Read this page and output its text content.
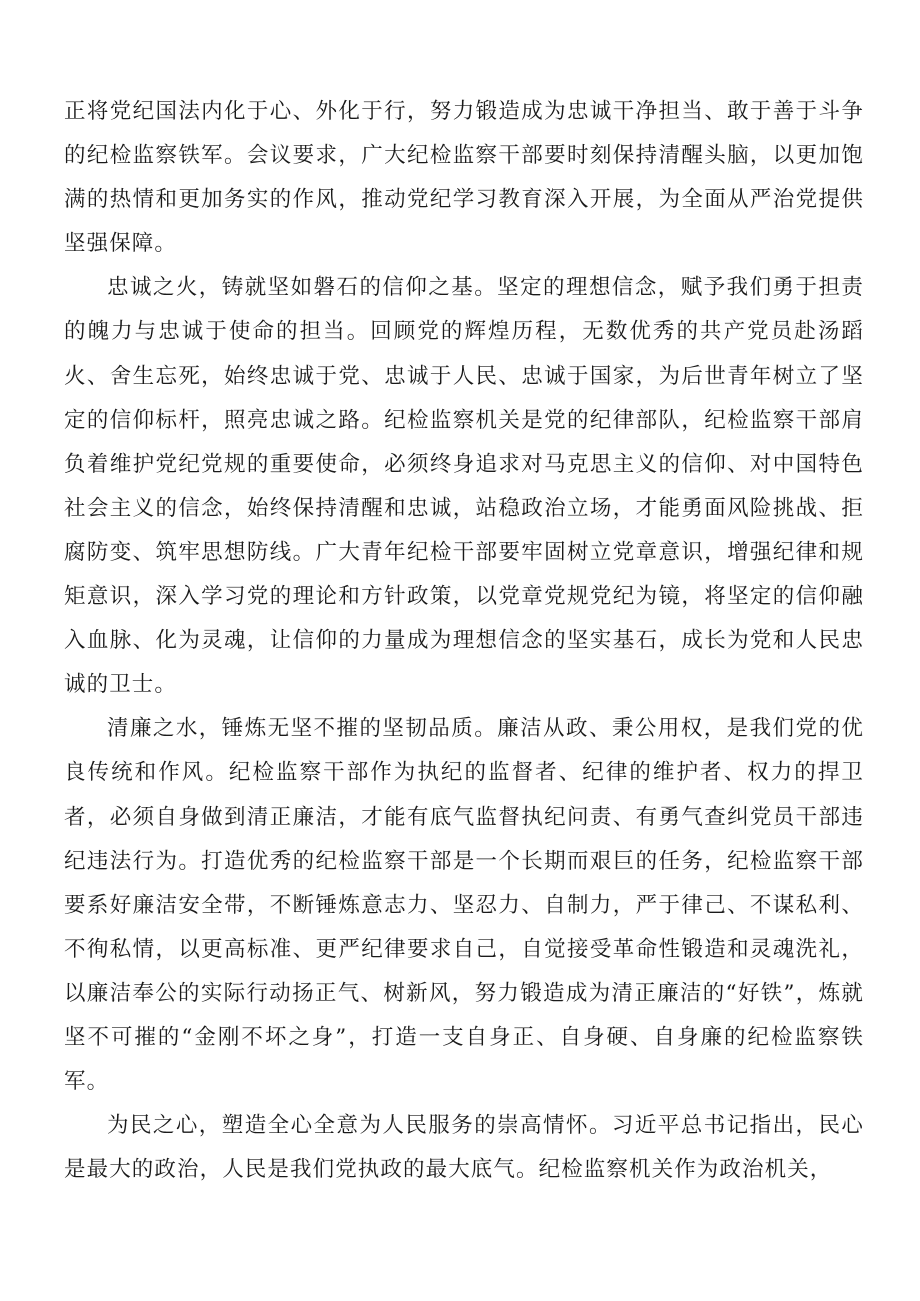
正将党纪国法内化于心、外化于行，努力锻造成为忠诚干净担当、敢于善于斗争的纪检监察铁军。会议要求，广大纪检监察干部要时刻保持清醒头脑，以更加饱满的热情和更加务实的作风，推动党纪学习教育深入开展，为全面从严治党提供坚强保障。

忠诚之火，铸就坚如磐石的信仰之基。坚定的理想信念，赋予我们勇于担责的魄力与忠诚于使命的担当。回顾党的辉煌历程，无数优秀的共产党员赴汤蹈火、舍生忘死，始终忠诚于党、忠诚于人民、忠诚于国家，为后世青年树立了坚定的信仰标杆，照亮忠诚之路。纪检监察机关是党的纪律部队，纪检监察干部肩负着维护党纪党规的重要使命，必须终身追求对马克思主义的信仰、对中国特色社会主义的信念，始终保持清醒和忠诚，站稳政治立场，才能勇面风险挑战、拒腐防变、筑牢思想防线。广大青年纪检干部要牢固树立党章意识，增强纪律和规矩意识，深入学习党的理论和方针政策，以党章党规党纪为镜，将坚定的信仰融入血脉、化为灵魂，让信仰的力量成为理想信念的坚实基石，成长为党和人民忠诚的卫士。

清廉之水，锤炼无坚不摧的坚韧品质。廉洁从政、秉公用权，是我们党的优良传统和作风。纪检监察干部作为执纪的监督者、纪律的维护者、权力的捍卫者，必须自身做到清正廉洁，才能有底气监督执纪问责、有勇气查纠党员干部违纪违法行为。打造优秀的纪检监察干部是一个长期而艰巨的任务，纪检监察干部要系好廉洁安全带，不断锤炼意志力、坚忍力、自制力，严于律己、不谋私利、不徇私情，以更高标准、更严纪律要求自己，自觉接受革命性锻造和灵魂洗礼，以廉洁奉公的实际行动扬正气、树新风，努力锻造成为清正廉洁的“好铁”，炼就坚不可摧的“金刚不坏之身”，打造一支自身正、自身硬、自身廉的纪检监察铁军。

为民之心，塑造全心全意为人民服务的崇高情怀。习近平总书记指出，民心是最大的政治，人民是我们党执政的最大底气。纪检监察机关作为政治机关，
